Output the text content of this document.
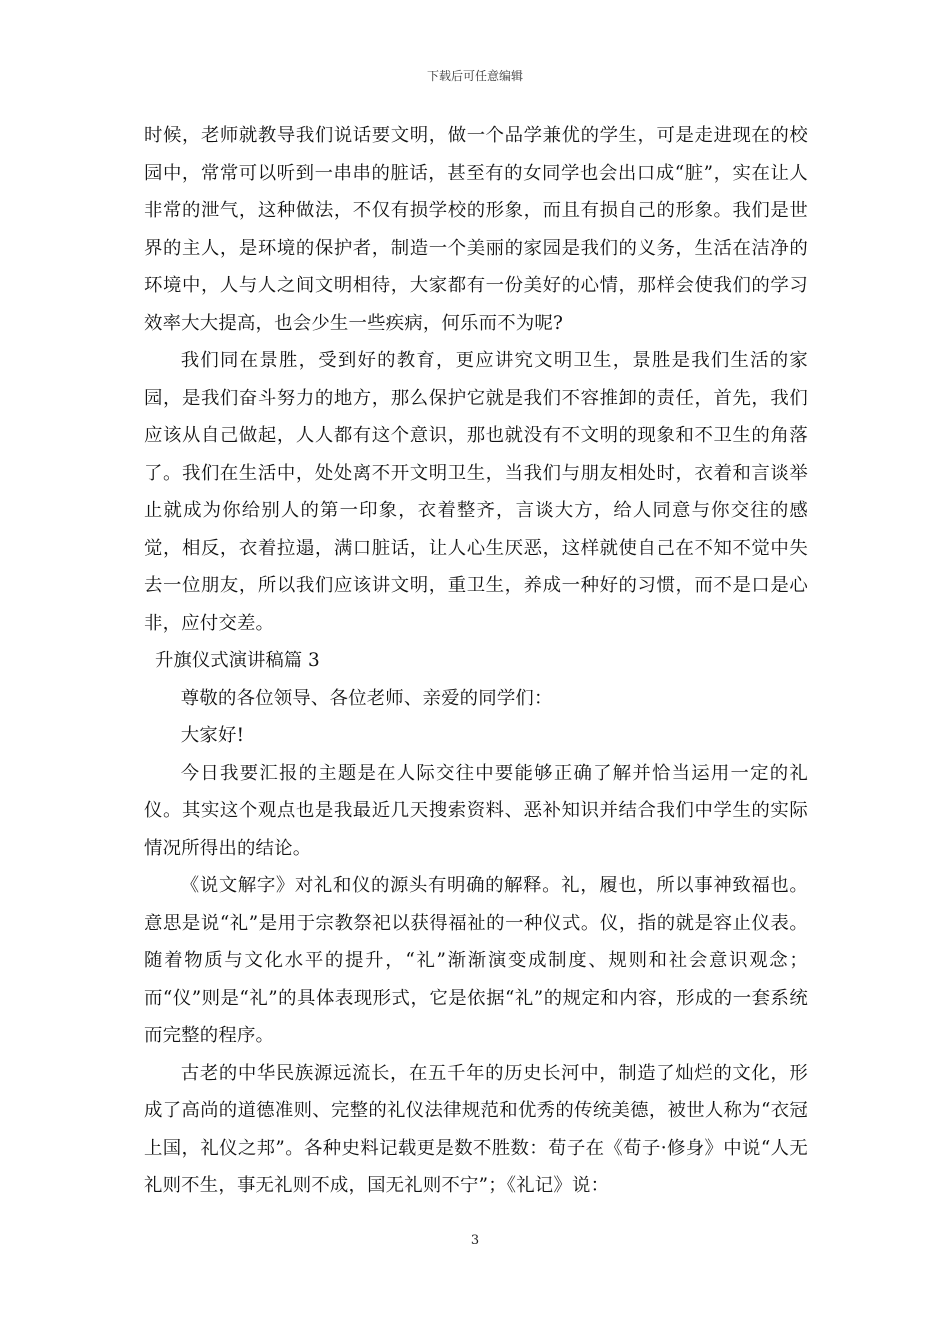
下载后可任意编辑

时候，老师就教导我们说话要文明，做一个品学兼优的学生，可是走进现在的校园中，常常可以听到一串串的脏话，甚至有的女同学也会出口成“脏”，实在让人非常的泄气，这种做法，不仅有损学校的形象，而且有损自己的形象。我们是世界的主人，是环境的保护者，制造一个美丽的家园是我们的义务，生活在洁净的环境中，人与人之间文明相待，大家都有一份美好的心情，那样会使我们的学习效率大大提高，也会少生一些疾病，何乐而不为呢?

我们同在景胜，受到好的教育，更应讲究文明卫生，景胜是我们生活的家园，是我们奋斗努力的地方，那么保护它就是我们不容推卸的责任，首先，我们应该从自己做起，人人都有这个意识，那也就没有不文明的现象和不卫生的角落了。我们在生活中，处处离不开文明卫生，当我们与朋友相处时，衣着和言谈举止就成为你给别人的第一印象，衣着整齐，言谈大方，给人同意与你交往的感觉，相反，衣着拉遢，满口脏话，让人心生厌恶，这样就使自己在不知不觉中失去一位朋友，所以我们应该讲文明，重卫生，养成一种好的习惯，而不是口是心非，应付交差。

升旗仪式演讲稿篇 3

尊敬的各位领导、各位老师、亲爱的同学们：

大家好!

今日我要汇报的主题是在人际交往中要能够正确了解并恰当运用一定的礼仪。其实这个观点也是我最近几天搜索资料、恶补知识并结合我们中学生的实际情况所得出的结论。

《说文解字》对礼和仪的源头有明确的解释。礼，履也，所以事神致福也。意思是说“礼”是用于宗教祭祀以获得福祉的一种仪式。仪，指的就是容止仪表。随着物质与文化水平的提升，“礼”渐渐演变成制度、规则和社会意识观念；而“仪”则是“礼”的具体表现形式，它是依据“礼”的规定和内容，形成的一套系统而完整的程序。

古老的中华民族源远流长，在五千年的历史长河中，制造了灿烂的文化，形成了高尚的道德准则、完整的礼仪法律规范和优秀的传统美德，被世人称为“衣冠上国，礼仪之邦”。各种史料记载更是数不胜数：荀子在《荀子·修身》中说“人无礼则不生，事无礼则不成，国无礼则不宁”；《礼记》说：

3
